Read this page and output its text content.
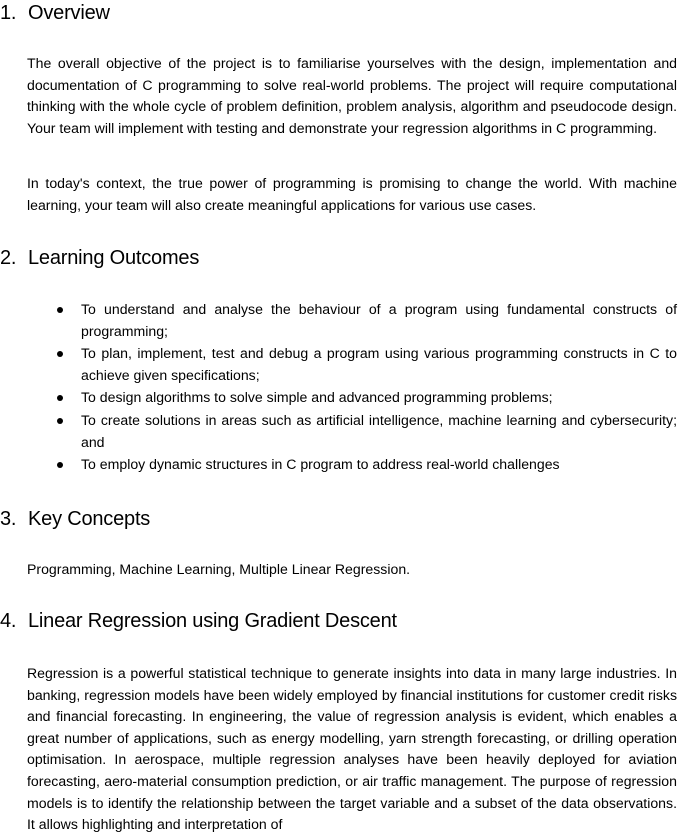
1. Overview

The overall objective of the project is to familiarise yourselves with the design, implementation and documentation of C programming to solve real-world problems. The project will require computational thinking with the whole cycle of problem definition, problem analysis, algorithm and pseudocode design. Your team will implement with testing and demonstrate your regression algorithms in C programming.

In today's context, the true power of programming is promising to change the world. With machine learning, your team will also create meaningful applications for various use cases.

2. Learning Outcomes
To understand and analyse the behaviour of a program using fundamental constructs of programming;
To plan, implement, test and debug a program using various programming constructs in C to achieve given specifications;
To design algorithms to solve simple and advanced programming problems;
To create solutions in areas such as artificial intelligence, machine learning and cybersecurity; and
To employ dynamic structures in C program to address real-world challenges
3. Key Concepts

Programming, Machine Learning, Multiple Linear Regression.

4. Linear Regression using Gradient Descent

Regression is a powerful statistical technique to generate insights into data in many large industries. In banking, regression models have been widely employed by financial institutions for customer credit risks and financial forecasting. In engineering, the value of regression analysis is evident, which enables a great number of applications, such as energy modelling, yarn strength forecasting, or drilling operation optimisation. In aerospace, multiple regression analyses have been heavily deployed for aviation forecasting, aero-material consumption prediction, or air traffic management. The purpose of regression models is to identify the relationship between the target variable and a subset of the data observations. It allows highlighting and interpretation of
